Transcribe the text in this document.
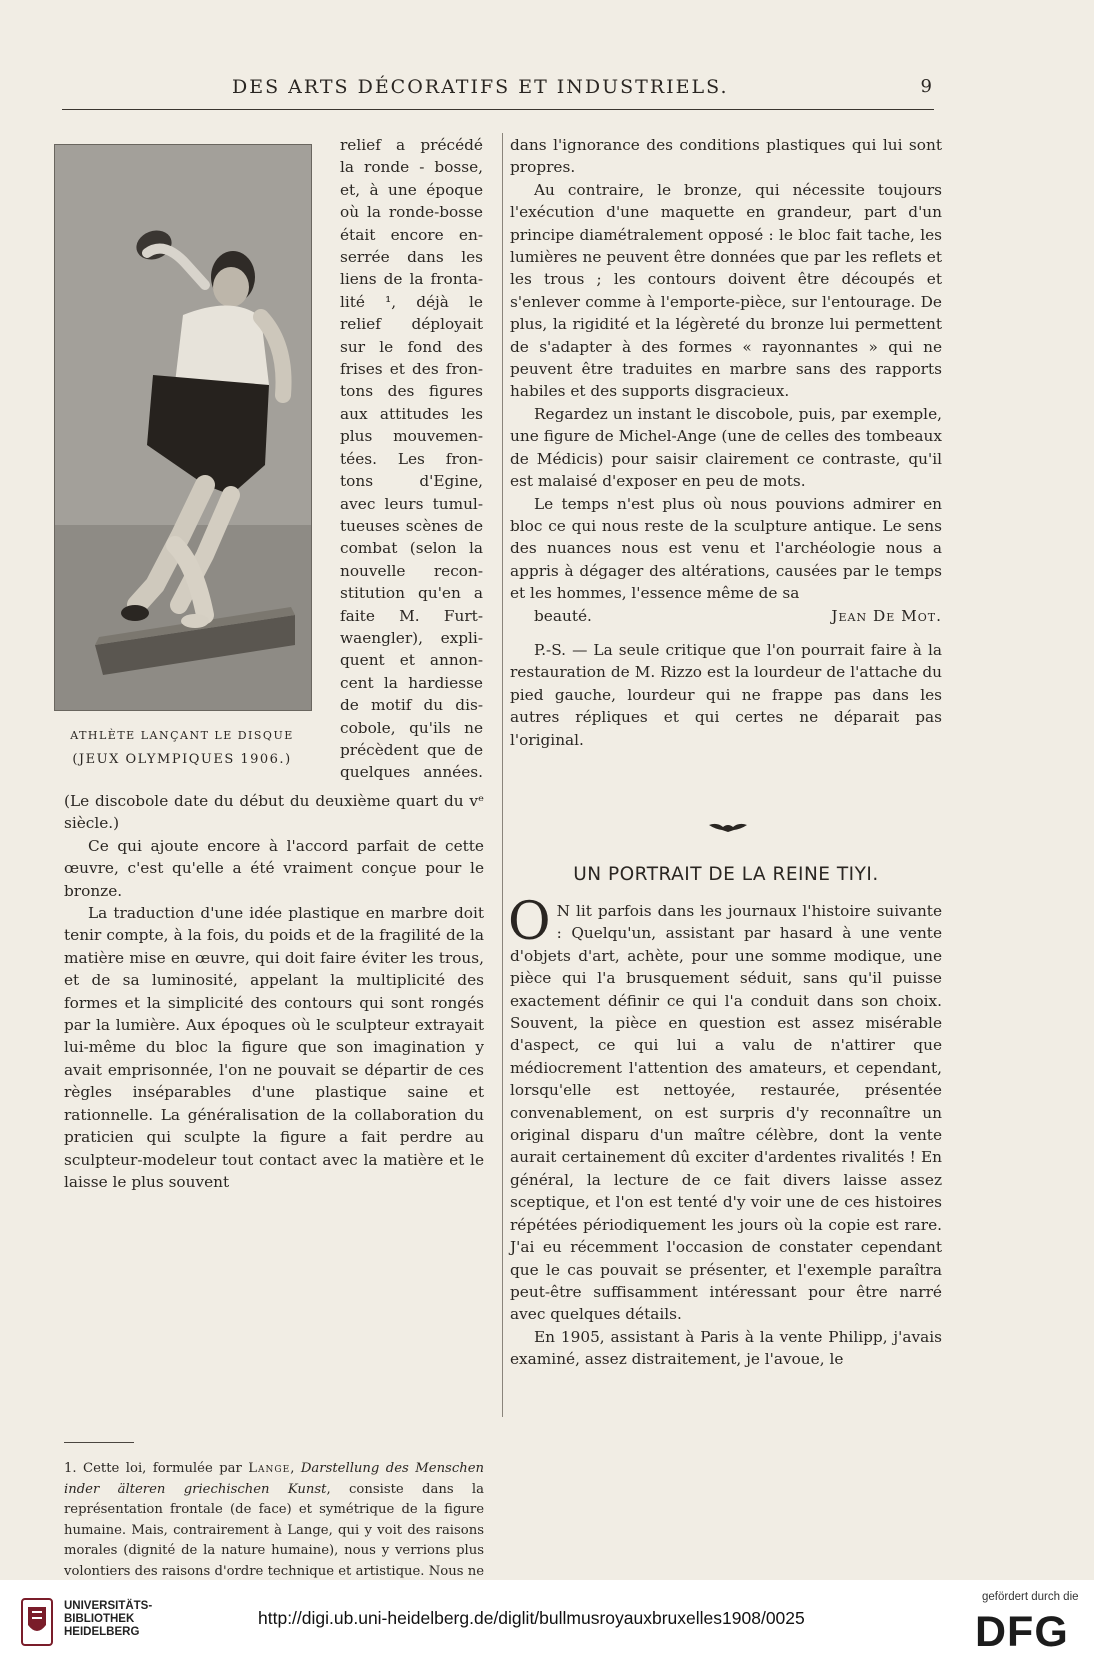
DES ARTS DÉCORATIFS ET INDUSTRIELS.	9
ATHLÈTE LANÇANT LE DISQUE
(JEUX OLYMPIQUES 1906.)
relief a précédé
la ronde - bosse,
et, à une époque
où la ronde-bosse
était encore en-
serrée dans les
liens de la fronta-
lité ¹, déjà le
relief déployait
sur le fond des
frises et des fron-
tons des figures
aux attitudes les
plus mouvemen-
tées. Les fron-
tons d'Egine,
avec leurs tumul-
tueuses scènes de
combat (selon la
nouvelle recon-
stitution qu'en a
faite M. Furt-
waengler), expli-
quent et annon-
cent la hardiesse
de motif du dis-
cobole, qu'ils ne
précèdent que de
quelques années.

(Le discobole date du début du deuxième quart du vᵉ siècle.)

Ce qui ajoute encore à l'accord parfait de cette œuvre, c'est qu'elle a été vraiment conçue pour le bronze.

La traduction d'une idée plastique en marbre doit tenir compte, à la fois, du poids et de la fragilité de la matière mise en œuvre, qui doit faire éviter les trous, et de sa luminosité, appelant la multiplicité des formes et la simplicité des contours qui sont rongés par la lumière. Aux époques où le sculpteur extrayait lui-même du bloc la figure que son imagination y avait emprisonnée, l'on ne pouvait se départir de ces règles inséparables d'une plastique saine et rationnelle. La généralisation de la collaboration du praticien qui sculpte la figure a fait perdre au sculpteur-modeleur tout contact avec la matière et le laisse le plus souvent

1. Cette loi, formulée par Lange, Darstellung des Menschen inder älteren griechischen Kunst, consiste dans la représentation frontale (de face) et symétrique de la figure humaine. Mais, contrairement à Lange, qui y voit des raisons morales (dignité de la nature humaine), nous y verrions plus volontiers des raisons d'ordre technique et artistique. Nous ne

dans l'ignorance des conditions plastiques qui lui sont propres.

Au contraire, le bronze, qui nécessite toujours l'exécution d'une maquette en grandeur, part d'un principe diamétralement opposé : le bloc fait tache, les lumières ne peuvent être données que par les reflets et les trous ; les contours doivent être découpés et s'enlever comme à l'emporte-pièce, sur l'entourage. De plus, la rigidité et la légèreté du bronze lui permettent de s'adapter à des formes « rayonnantes » qui ne peuvent être traduites en marbre sans des rapports habiles et des supports disgracieux.

Regardez un instant le discobole, puis, par exemple, une figure de Michel-Ange (une de celles des tombeaux de Médicis) pour saisir clairement ce contraste, qu'il est malaisé d'exposer en peu de mots.

Le temps n'est plus où nous pouvions admirer en bloc ce qui nous reste de la sculpture antique. Le sens des nuances nous est venu et l'archéologie nous a appris à dégager des altérations, causées par le temps et les hommes, l'essence même de sa

beauté.	Jean De Mot.

P.-S. — La seule critique que l'on pourrait faire à la restauration de M. Rizzo est la lourdeur de l'attache du pied gauche, lourdeur qui ne frappe pas dans les autres répliques et qui certes ne déparait pas l'original.

UN PORTRAIT DE LA REINE TIYI.

O N lit parfois dans les journaux l'histoire suivante : Quelqu'un, assistant par hasard à une vente d'objets d'art, achète, pour une somme modique, une pièce qui l'a brusquement séduit, sans qu'il puisse exactement définir ce qui l'a conduit dans son choix. Souvent, la pièce en question est assez misérable d'aspect, ce qui lui a valu de n'attirer que médiocrement l'attention des amateurs, et cependant, lorsqu'elle est nettoyée, restaurée, présentée convenablement, on est surpris d'y reconnaître un original disparu d'un maître célèbre, dont la vente aurait certainement dû exciter d'ardentes rivalités ! En général, la lecture de ce fait divers laisse assez sceptique, et l'on est tenté d'y voir une de ces histoires répétées périodiquement les jours où la copie est rare. J'ai eu récemment l'occasion de constater cependant que le cas pouvait se présenter, et l'exemple paraîtra peut-être suffisamment intéressant pour être narré avec quelques détails.

En 1905, assistant à Paris à la vente Philipp, j'avais examiné, assez distraitement, je l'avoue, le

UNIVERSITÄTS-
BIBLIOTHEK
HEIDELBERG
http://digi.ub.uni-heidelberg.de/diglit/bullmusroyauxbruxelles1908/0025
gefördert durch die
DFG
